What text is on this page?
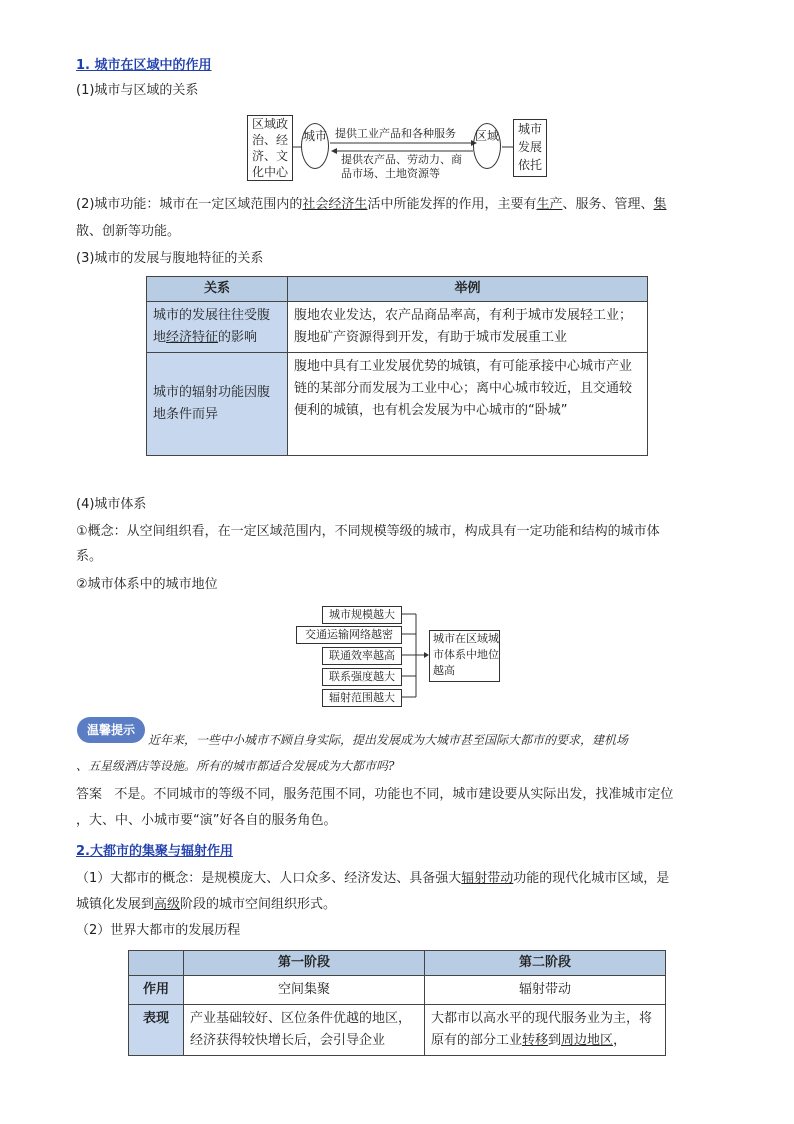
1. 城市在区域中的作用
(1)城市与区域的关系
区域政治、经济、文化中心
城市	区域	城市发展依托
提供工业产品和各种服务
提供农产品、劳动力、商
品市场、土地资源等
(2)城市功能：城市在一定区域范围内的社会经济生活中所能发挥的作用，主要有生产、服务、管理、集
散、创新等功能。
(3)城市的发展与腹地特征的关系
关系	举例
城市的发展往往受腹地经济特征的影响	腹地农业发达，农产品商品率高，有利于城市发展轻工业；腹地矿产资源得到开发，有助于城市发展重工业
城市的辐射功能因腹地条件而异	腹地中具有工业发展优势的城镇，有可能承接中心城市产业链的某部分而发展为工业中心；离中心城市较近，且交通较便利的城镇，也有机会发展为中心城市的“卧城”
(4)城市体系
①概念：从空间组织看，在一定区域范围内，不同规模等级的城市，构成具有一定功能和结构的城市体
系。
②城市体系中的城市地位
城市规模越大
交通运输网络越密
联通效率越高
联系强度越大
辐射范围越大
城市在区域城市体系中地位越高
温馨提示
近年来，一些中小城市不顾自身实际，提出发展成为大城市甚至国际大都市的要求，建机场
、五星级酒店等设施。所有的城市都适合发展成为大都市吗?
答案 不是。不同城市的等级不同，服务范围不同，功能也不同，城市建设要从实际出发，找准城市定位
，大、中、小城市要“演”好各自的服务角色。
2.大都市的集聚与辐射作用
（1）大都市的概念：是规模庞大、人口众多、经济发达、具备强大辐射带动功能的现代化城市区域，是
城镇化发展到高级阶段的城市空间组织形式。
（2）世界大都市的发展历程
	第一阶段	第二阶段
作用	空间集聚	辐射带动
表现	产业基础较好、区位条件优越的地区，经济获得较快增长后，会引导企业	大都市以高水平的现代服务业为主，将原有的部分工业转移到周边地区，
